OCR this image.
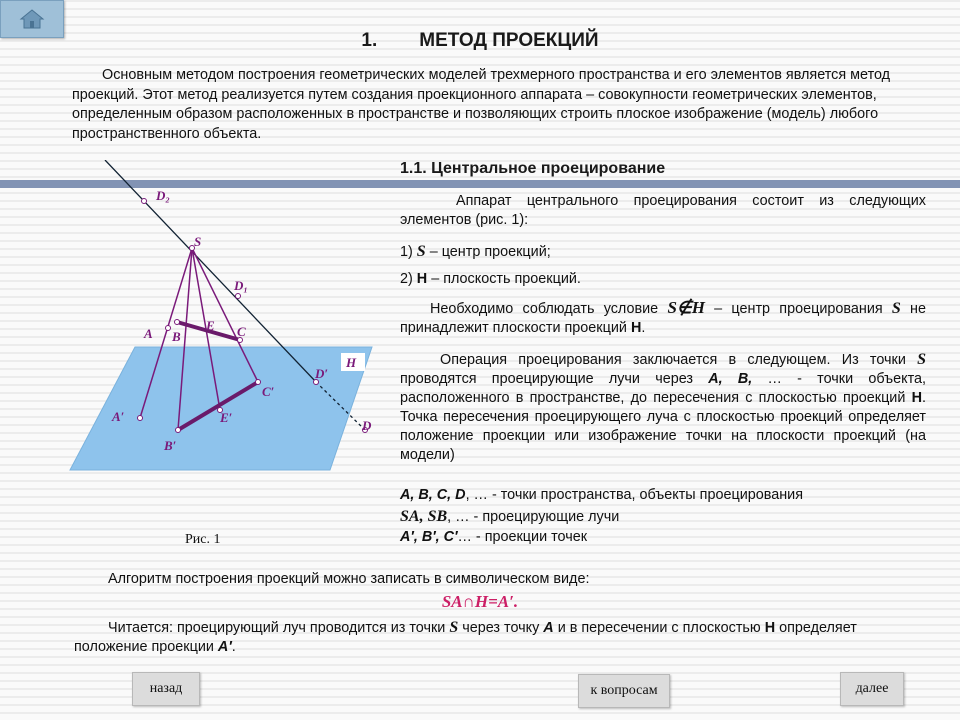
1. МЕТОД ПРОЕКЦИЙ
Основным методом построения геометрических моделей трехмерного пространства и его элементов является метод проекций. Этот метод реализуется путем создания проекционного аппарата – совокупности геометрических элементов, определенным образом расположенных в пространстве и позволяющих строить плоское изображение (модель) любого пространственного объекта.
1.1. Центральное проецирование
S
D₂
D₁
A B
E C
D′
H
C′
A′	E′
B′
D
Рис. 1
Аппарат центрального проецирования состоит из следующих элементов (рис. 1):
1) S – центр проекций;
2) H – плоскость проекций.
Необходимо соблюдать условие S∉H – центр проецирования S не принадлежит плоскости проекций H.
Операция проецирования заключается в следующем. Из точки S проводятся проецирующие лучи через A, B, … - точки объекта, расположенного в пространстве, до пересечения с плоскостью проекций H. Точка пересечения проецирующего луча с плоскостью проекций определяет положение проекции или изображение точки на плоскости проекций (на модели)
A, B, C, D, … - точки пространства, объекты проецирования
SA, SB, … - проецирующие лучи
A′, B′, C′… - проекции точек
Алгоритм построения проекций можно записать в символическом виде:
SA∩H=A′.
Читается: проецирующий луч проводится из точки S через точку A и в пересечении с плоскостью H определяет положение проекции A′.
назад	к вопросам	далее
